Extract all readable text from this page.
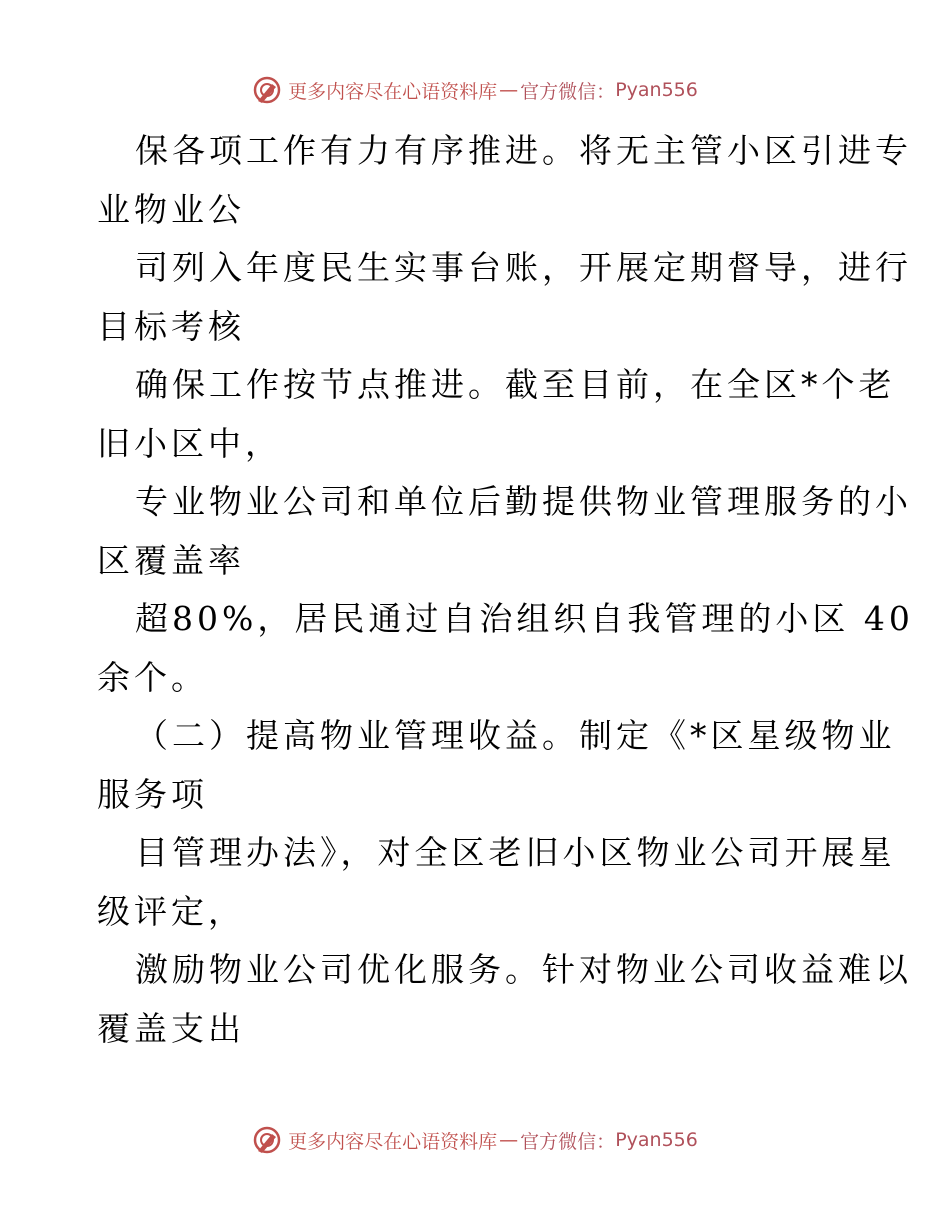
更多内容尽在心语资料库 — 官方微信： Pyan556

保各项工作有力有序推进。将无主管小区引进专
业物业公

司列入年度民生实事台账，开展定期督导，进行
目标考核

确保工作按节点推进。截至目前，在全区*个老
旧小区中，

专业物业公司和单位后勤提供物业管理服务的小
区覆盖率

超80%，居民通过自治组织自我管理的小区 40
余个。

（二）提高物业管理收益。制定《*区星级物业
服务项

目管理办法》，对全区老旧小区物业公司开展星
级评定，

激励物业公司优化服务。针对物业公司收益难以
覆盖支出

更多内容尽在心语资料库 — 官方微信： Pyan556
